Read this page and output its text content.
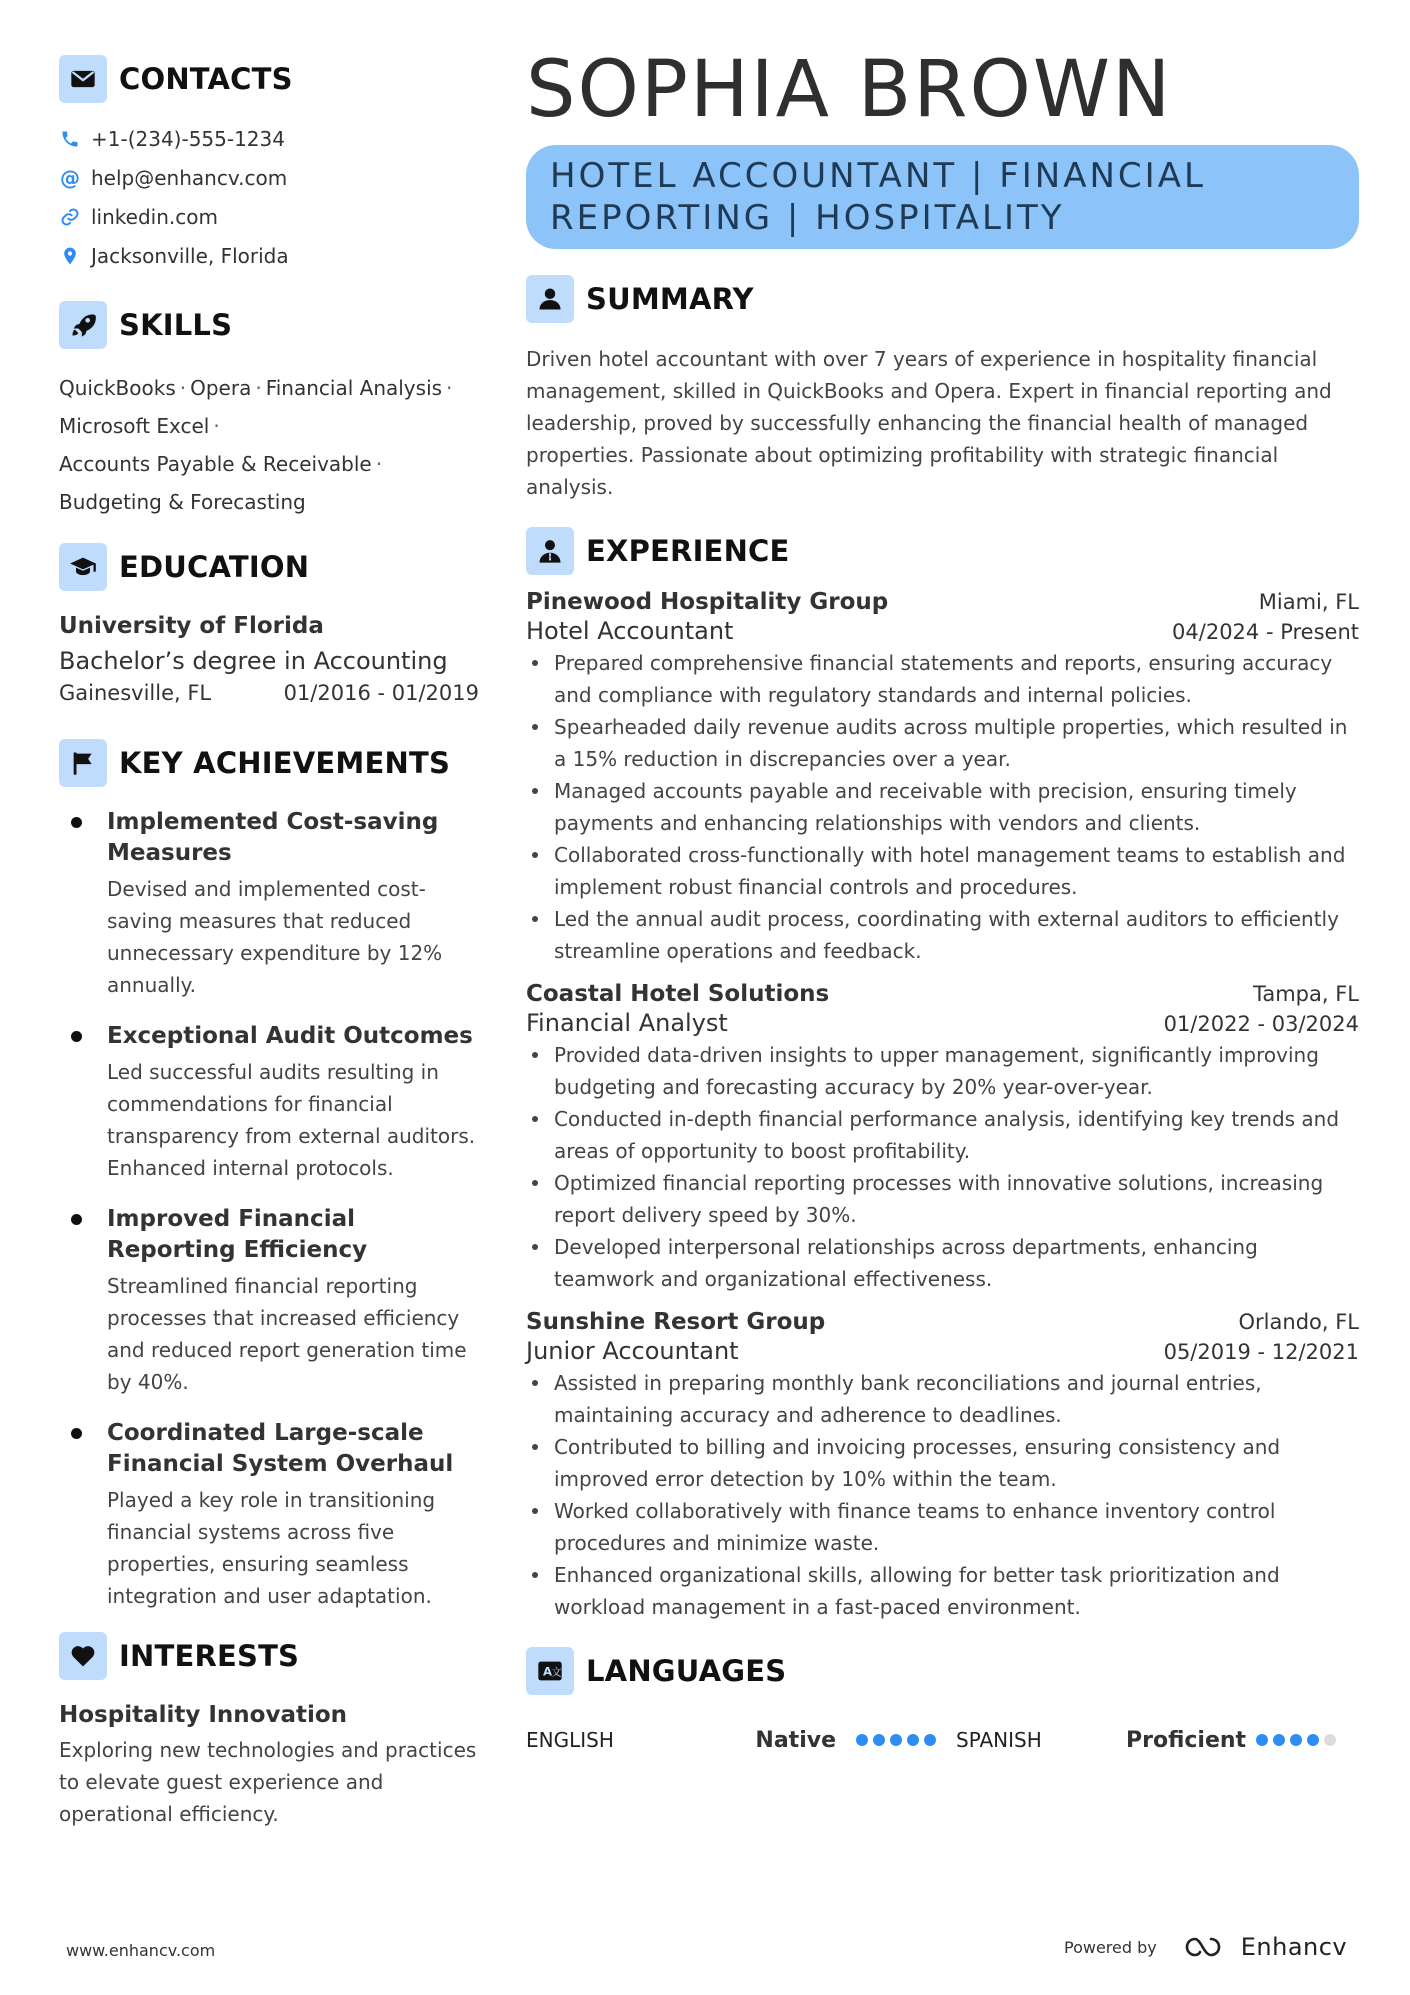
CONTACTS
+1-(234)-555-1234
@ help@enhancv.com
linkedin.com
Jacksonville, Florida
SKILLS
QuickBooks · Opera · Financial Analysis ·
Microsoft Excel ·
Accounts Payable & Receivable ·
Budgeting & Forecasting
EDUCATION
University of Florida
Bachelor’s degree in Accounting
Gainesville, FL	01/2016 - 01/2019
KEY ACHIEVEMENTS
Implemented Cost-saving Measures
Devised and implemented cost-saving measures that reduced unnecessary expenditure by 12% annually.
Exceptional Audit Outcomes
Led successful audits resulting in commendations for financial transparency from external auditors. Enhanced internal protocols.
Improved Financial Reporting Efficiency
Streamlined financial reporting processes that increased efficiency and reduced report generation time by 40%.
Coordinated Large-scale Financial System Overhaul
Played a key role in transitioning financial systems across five properties, ensuring seamless integration and user adaptation.
INTERESTS
Hospitality Innovation
Exploring new technologies and practices to elevate guest experience and operational efficiency.
SOPHIA BROWN
HOTEL ACCOUNTANT | FINANCIAL REPORTING | HOSPITALITY
SUMMARY
Driven hotel accountant with over 7 years of experience in hospitality financial management, skilled in QuickBooks and Opera. Expert in financial reporting and leadership, proved by successfully enhancing the financial health of managed properties. Passionate about optimizing profitability with strategic financial analysis.
EXPERIENCE
Pinewood Hospitality Group	Miami, FL
Hotel Accountant	04/2024 - Present
Prepared comprehensive financial statements and reports, ensuring accuracy and compliance with regulatory standards and internal policies.
Spearheaded daily revenue audits across multiple properties, which resulted in a 15% reduction in discrepancies over a year.
Managed accounts payable and receivable with precision, ensuring timely payments and enhancing relationships with vendors and clients.
Collaborated cross-functionally with hotel management teams to establish and implement robust financial controls and procedures.
Led the annual audit process, coordinating with external auditors to efficiently streamline operations and feedback.
Coastal Hotel Solutions	Tampa, FL
Financial Analyst	01/2022 - 03/2024
Provided data-driven insights to upper management, significantly improving budgeting and forecasting accuracy by 20% year-over-year.
Conducted in-depth financial performance analysis, identifying key trends and areas of opportunity to boost profitability.
Optimized financial reporting processes with innovative solutions, increasing report delivery speed by 30%.
Developed interpersonal relationships across departments, enhancing teamwork and organizational effectiveness.
Sunshine Resort Group	Orlando, FL
Junior Accountant	05/2019 - 12/2021
Assisted in preparing monthly bank reconciliations and journal entries, maintaining accuracy and adherence to deadlines.
Contributed to billing and invoicing processes, ensuring consistency and improved error detection by 10% within the team.
Worked collaboratively with finance teams to enhance inventory control procedures and minimize waste.
Enhanced organizational skills, allowing for better task prioritization and workload management in a fast-paced environment.
A 文 LANGUAGES
ENGLISH	Native	SPANISH	Proficient
www.enhancv.com	Powered by	Enhancv
